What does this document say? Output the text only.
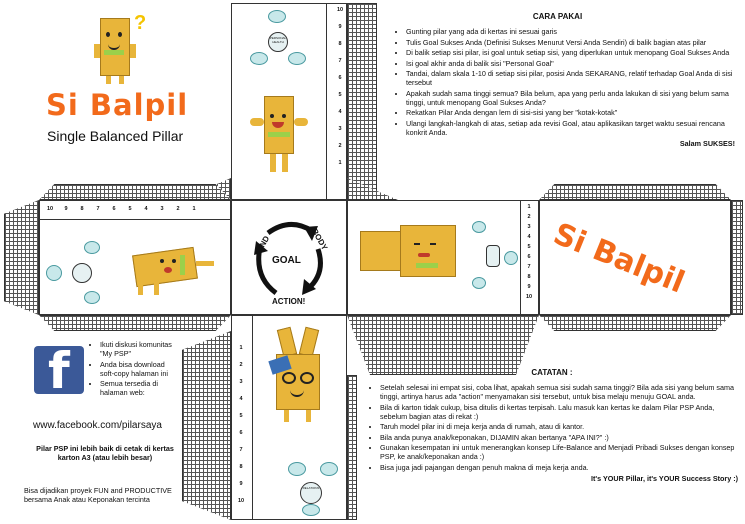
?
Si Balpil
Single Balanced Pillar
PERSONAL HEALTH
10
9
8
7
6
5
4
3
2
1
10	9	8	7	6	5	4	3	2	1
MIND	BODY
GOAL
ACTION!
1
2
3
4
5
6
7
8
9
10 Si Balpil
1
2
3
4
5
6
7
8
9
10
RELATIONS
CARA PAKAI
• Gunting pilar yang ada di kertas ini sesuai garis
• Tulis Goal Sukses Anda (Definisi Sukses Menurut Versi Anda Sendiri) di balik bagian atas pilar
• Di balik setiap sisi pilar, isi goal untuk setiap sisi, yang diperlukan untuk menopang Goal Sukses Anda
• Isi goal akhir anda di balik sisi "Personal Goal"
• Tandai, dalam skala 1-10 di setiap sisi pilar, posisi Anda SEKARANG, relatif terhadap Goal Anda di sisi tersebut
• Apakah sudah sama tinggi semua? Bila belum, apa yang perlu anda lakukan di sisi yang belum sama tinggi, untuk menopang Goal Sukses Anda?
• Rekatkan Pilar Anda dengan lem di sisi-sisi yang ber "kotak-kotak"
• Ulangi langkah-langkah di atas, setiap ada revisi Goal, atau aplikasikan target waktu sesuai rencana konkrit Anda.
Salam SUKSES!
f
•	Ikuti diskusi komunitas "My PSP"
• Anda bisa download soft-copy halaman ini
• Semua tersedia di halaman web:
www.facebook.com/pilarsaya
Pilar PSP ini lebih baik di cetak di kertas karton A3 (atau lebih besar)
Bisa dijadikan proyek FUN and PRODUCTIVE bersama Anak atau Keponakan tercinta
CATATAN :
• Setelah selesai ini empat sisi, coba lihat, apakah semua sisi sudah sama tinggi? Bila ada sisi yang belum sama tinggi, artinya harus ada "action" menyamakan sisi tersebut, untuk bisa melaju menuju GOAL anda.
• Bila di karton tidak cukup, bisa ditulis di kertas terpisah. Lalu masuk kan kertas ke dalam Pilar PSP Anda, sebelum bagian atas di rekat :)
• Taruh model pilar ini di meja kerja anda di rumah, atau di kantor.
• Bila anda punya anak/keponakan, DIJAMIN akan bertanya "APA INI?" :)
• Gunakan kesempatan ini untuk menerangkan konsep Life-Balance and Menjadi Pribadi Sukses dengan konsep PSP, ke anak/keponakan anda :)
• Bisa juga jadi pajangan dengan penuh makna di meja kerja anda.
It's YOUR Pillar, it's YOUR Success Story :)
